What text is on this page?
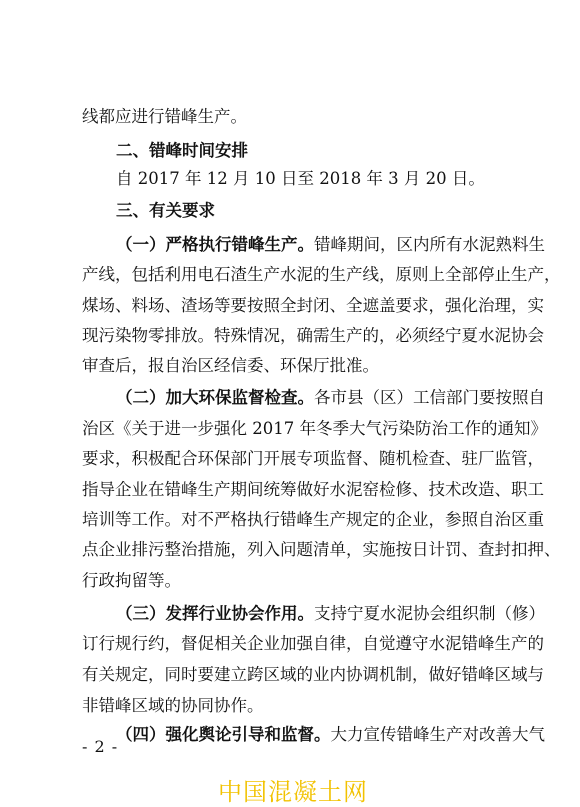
线都应进行错峰生产。
二、错峰时间安排
自 2017 年 12 月 10 日至 2018 年 3 月 20 日。
三、有关要求
（一）严格执行错峰生产。错峰期间，区内所有水泥熟料生
产线，包括利用电石渣生产水泥的生产线，原则上全部停止生产，
煤场、料场、渣场等要按照全封闭、全遮盖要求，强化治理，实
现污染物零排放。特殊情况，确需生产的，必须经宁夏水泥协会
审查后，报自治区经信委、环保厅批准。
（二）加大环保监督检查。各市县（区）工信部门要按照自
治区《关于进一步强化 2017 年冬季大气污染防治工作的通知》
要求，积极配合环保部门开展专项监督、随机检查、驻厂监管，
指导企业在错峰生产期间统筹做好水泥窑检修、技术改造、职工
培训等工作。对不严格执行错峰生产规定的企业，参照自治区重
点企业排污整治措施，列入问题清单，实施按日计罚、查封扣押、
行政拘留等。
（三）发挥行业协会作用。支持宁夏水泥协会组织制（修）
订行规行约，督促相关企业加强自律，自觉遵守水泥错峰生产的
有关规定，同时要建立跨区域的业内协调机制，做好错峰区域与
非错峰区域的协同协作。
（四）强化舆论引导和监督。大力宣传错峰生产对改善大气
- 2 -
中国混凝土网
